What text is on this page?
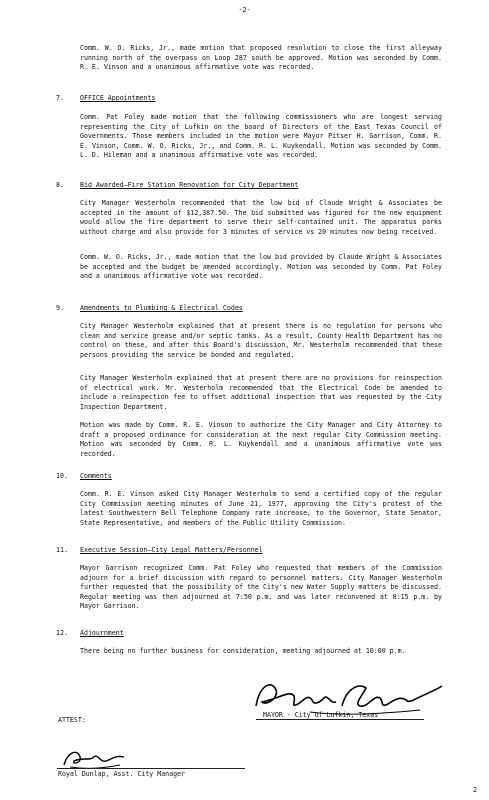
-2-
Comm. W. O. Ricks, Jr., made motion that proposed resolution to close the first alleyway running north of the overpass on Loop 287 south be approved. Motion was seconded by Comm. R. E. Vinson and a unanimous affirmative vote was recorded.
7.	OFFICE Appointments
Comm. Pat Foley made motion that the following commissioners who are longest serving representing the City of Lufkin on the board of Directors of the East Texas Council of Governments. Those members included in the motion were Mayor Pitser H. Garrison, Comm. R. E. Vinson, Comm. W. O. Ricks, Jr., and Comm. R. L. Kuykendall. Motion was seconded by Comm. L. D. Hileman and a unanimous affirmative vote was recorded.
8.	Bid Awarded—Fire Station Renovation for City Department
City Manager Westerholm recommended that the low bid of Claude Wright & Associates be accepted in the amount of $12,387.50. The bid submitted was figured for the new equipment would allow the fire department to serve their self-contained unit. The apparatus parks without charge and also provide for 3 minutes of service vs 20 minutes now being received.
Comm. W. O. Ricks, Jr., made motion that the low bid provided by Claude Wright & Associates be accepted and the budget be amended accordingly. Motion was seconded by Comm. Pat Foley and a unanimous affirmative vote was recorded.
9.	Amendments to Plumbing & Electrical Codes
City Manager Westerholm explained that at present there is no regulation for persons who clean and service grease and/or septic tanks. As a result, County Health Department has no control on these, and after this Board's discussion, Mr. Westerholm recommended that these persons providing the service be bonded and regulated.
City Manager Westerholm explained that at present there are no provisions for reinspection of electrical work. Mr. Westerholm recommended that the Electrical Code be amended to include a reinspection fee to offset additional inspection that was requested by the City Inspection Department.
Motion was made by Comm. R. E. Vinson to authorize the City Manager and City Attorney to draft a proposed ordinance for consideration at the next regular City Commission meeting. Motion was seconded by Comm. R. L. Kuykendall and a unanimous affirmative vote was recorded.
10.	Comments
Comm. R. E. Vinson asked City Manager Westerholm to send a certified copy of the regular City Commission meeting minutes of June 21, 1977, approving the City's protest of the latest Southwestern Bell Telephone Company rate increase, to the Governor, State Senator, State Representative, and members of the Public Utility Commission.
11.	Executive Session—City Legal Matters/Personnel
Mayor Garrison recognized Comm. Pat Foley who requested that members of the Commission adjourn for a brief discussion with regard to personnel matters. City Manager Westerholm further requested that the possibility of the City's new Water Supply matters be discussed. Regular meeting was then adjourned at 7:50 p.m. and was later reconvened at 8:15 p.m. by Mayor Garrison.
12.	Adjournment
There being no further business for consideration, meeting adjourned at 10:00 p.m.
MAYOR - City of Lufkin, Texas
ATTEST:
Royal Dunlap, Asst. City Manager
2
